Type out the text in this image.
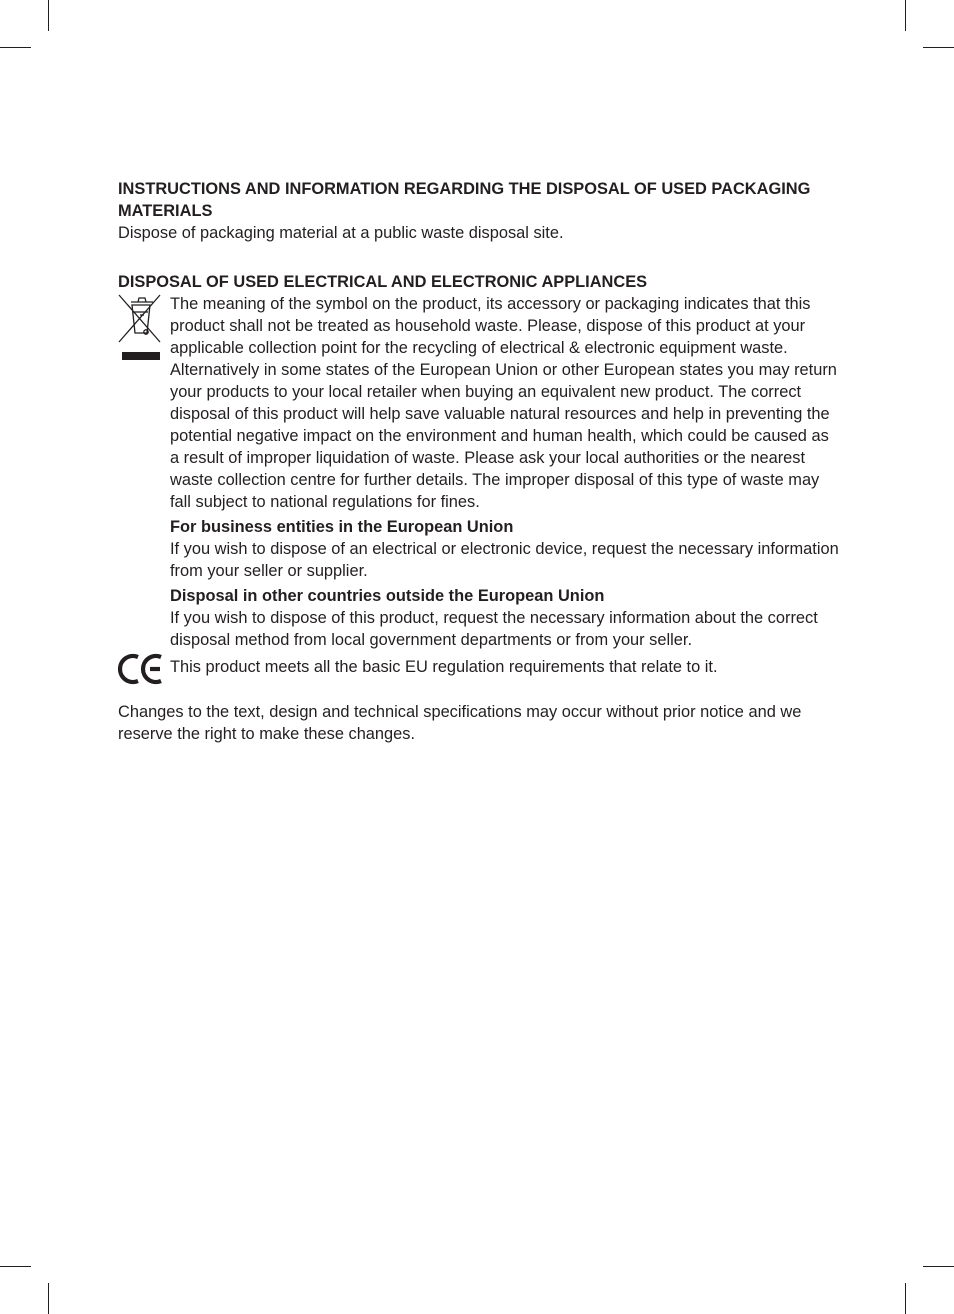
INSTRUCTIONS AND INFORMATION REGARDING THE DISPOSAL OF USED PACKAGING MATERIALS

Dispose of packaging material at a public waste disposal site.

DISPOSAL OF USED ELECTRICAL AND ELECTRONIC APPLIANCES

The meaning of the symbol on the product, its accessory or packaging indicates that this product shall not be treated as household waste. Please, dispose of this product at your applicable collection point for the recycling of electrical & electronic equipment waste. Alternatively in some states of the European Union or other European states you may return your products to your local retailer when buying an equivalent new product. The correct disposal of this product will help save valuable natural resources and help in preventing the potential negative impact on the environment and human health, which could be caused as a result of improper liquidation of waste. Please ask your local authorities or the nearest waste collection centre for further details. The improper disposal of this type of waste may fall subject to national regulations for fines.

For business entities in the European Union

If you wish to dispose of an electrical or electronic device, request the necessary information from your seller or supplier.

Disposal in other countries outside the European Union

If you wish to dispose of this product, request the necessary information about the correct disposal method from local government departments or from your seller.

This product meets all the basic EU regulation requirements that relate to it.

Changes to the text, design and technical specifications may occur without prior notice and we reserve the right to make these changes.
